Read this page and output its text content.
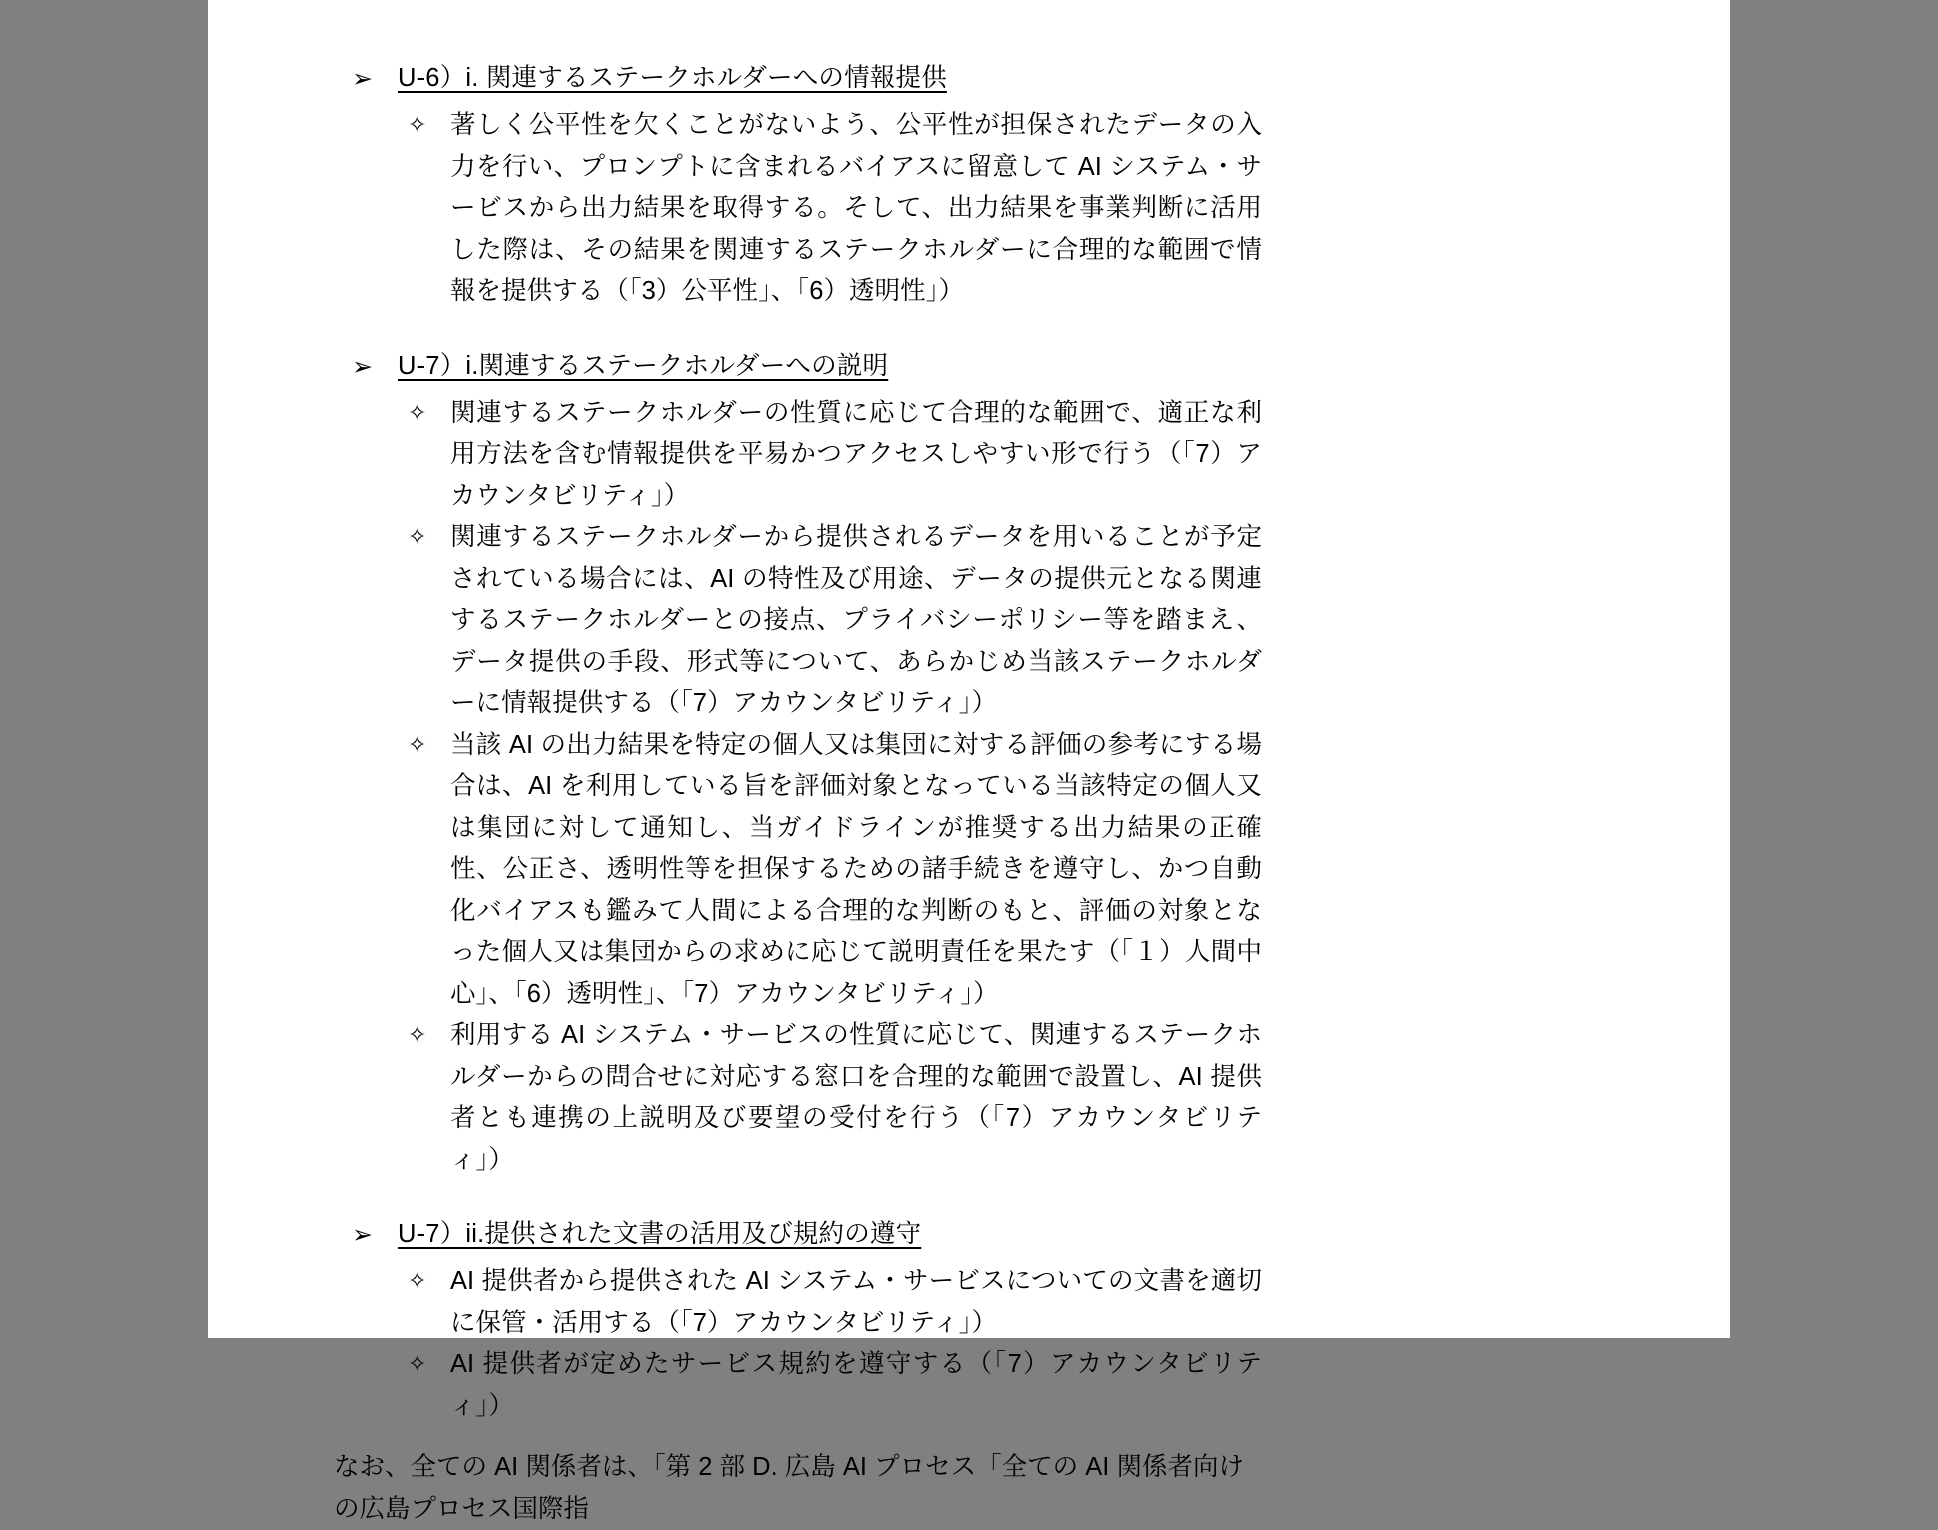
➢ U-6）i. 関連するステークホルダーへの情報提供
✧ 著しく公平性を欠くことがないよう、公平性が担保されたデータの入力を行い、プロンプトに含まれるバイアスに留意して AI システム・サービスから出力結果を取得する。そして、出力結果を事業判断に活用した際は、その結果を関連するステークホルダーに合理的な範囲で情報を提供する（「3）公平性」、「6）透明性」）
➢ U-7）i.関連するステークホルダーへの説明
✧ 関連するステークホルダーの性質に応じて合理的な範囲で、適正な利用方法を含む情報提供を平易かつアクセスしやすい形で行う（「7）アカウンタビリティ」）
✧ 関連するステークホルダーから提供されるデータを用いることが予定されている場合には、AI の特性及び用途、データの提供元となる関連するステークホルダーとの接点、プライバシーポリシー等を踏まえ、データ提供の手段、形式等について、あらかじめ当該ステークホルダーに情報提供する（「7）アカウンタビリティ」）
✧ 当該 AI の出力結果を特定の個人又は集団に対する評価の参考にする場合は、AI を利用している旨を評価対象となっている当該特定の個人又は集団に対して通知し、当ガイドラインが推奨する出力結果の正確性、公正さ、透明性等を担保するための諸手続きを遵守し、かつ自動化バイアスも鑑みて人間による合理的な判断のもと、評価の対象となった個人又は集団からの求めに応じて説明責任を果たす（「１）人間中心」、「6）透明性」、「7）アカウンタビリティ」）
✧ 利用する AI システム・サービスの性質に応じて、関連するステークホルダーからの問合せに対応する窓口を合理的な範囲で設置し、AI 提供者とも連携の上説明及び要望の受付を行う（「7）アカウンタビリティ」）
➢ U-7）ii.提供された文書の活用及び規約の遵守
✧ AI 提供者から提供された AI システム・サービスについての文書を適切に保管・活用する（「7）アカウンタビリティ」）
✧ AI 提供者が定めたサービス規約を遵守する（「7）アカウンタビリティ」）
なお、全ての AI 関係者は、「第 2 部 D. 広島 AI プロセス「全ての AI 関係者向けの広島プロセス国際指
